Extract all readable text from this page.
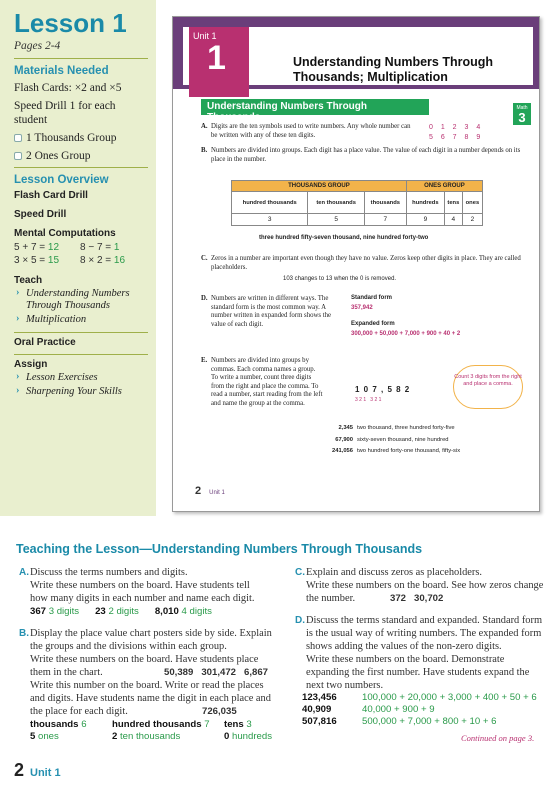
Lesson 1
Pages 2-4
Materials Needed
Flash Cards: ×2 and ×5
Speed Drill 1 for each student
1 Thousands Group
2 Ones Group
Lesson Overview
Flash Card Drill
Speed Drill
Mental Computations
5 + 7 = 12	8 − 7 = 1
3 × 5 = 15	8 × 2 = 16
Teach
› Understanding Numbers Through Thousands
› Multiplication
Oral Practice
Assign
› Lesson Exercises
› Sharpening Your Skills
Flash Cards: ×2 and ×5 Speed Drill 1
Unit 1
1	Understanding Numbers Through Thousands; Multiplication
Understanding Numbers Through Thousands
Math
3
A. Digits are the ten symbols used to write numbers. Any whole number can be written with any of these ten digits.
0 1 2 3 4
5 6 7 8 9
B. Numbers are divided into groups. Each digit has a place value. The value of each digit in a number depends on its place in the number.
THOUSANDS GROUP			ONES GROUP		
hundred thousands	ten thousands	thousands	hundreds	tens	ones
3	5	7	9	4	2
three hundred fifty-seven thousand, nine hundred forty-two
C. Zeros in a number are important even though they have no value. Zeros keep other digits in place. They are called placeholders.
103 changes to 13 when the 0 is removed.
D. Numbers are written in different ways. The standard form is the most common way. A number written in expanded form shows the value of each digit.
Standard form
357,942
Expanded form
300,000 + 50,000 + 7,000 + 900 + 40 + 2
E. Numbers are divided into groups by commas. Each comma names a group. To write a number, count three digits from the right and place the comma. To read a number, start reading from the left and name the group at the comma.
Count 3 digits from the right and place a comma.
1 0 7 , 5 8 2
3 2 1   3 2 1
2,345 two thousand, three hundred forty-five
67,900 sixty-seven thousand, nine hundred
241,056 two hundred forty-one thousand, fifty-six
2 Unit 1
Teaching the Lesson—Understanding Numbers Through Thousands
A. Discuss the terms numbers and digits.
Write these numbers on the board. Have students tell how many digits in each number and name each digit.
367 3 digits 23 2 digits 8,010 4 digits
B. Display the place value chart posters side by side. Explain the groups and the divisions within each group.
Write these numbers on the board. Have students place them in the chart.	50,389   301,472   6,867
Write this number on the board. Write or read the places and digits. Have students name the digit in each place and the place for each digit.	726,035
thousands 6	hundred thousands 7	tens 3
5 ones	2 ten thousands	0 hundreds
C. Explain and discuss zeros as placeholders.
Write these numbers on the board. See how zeros change the number.	372   30,702
D. Discuss the terms standard and expanded. Standard form is the usual way of writing numbers. The expanded form shows adding the values of the non-zero digits.
Write these numbers on the board. Demonstrate expanding the first number. Have students expand the next two numbers.
123,456	100,000 + 20,000 + 3,000 + 400 + 50 + 6
40,909	40,000 + 900 + 9
507,816	500,000 + 7,000 + 800 + 10 + 6
Continued on page 3.
2 Unit 1
